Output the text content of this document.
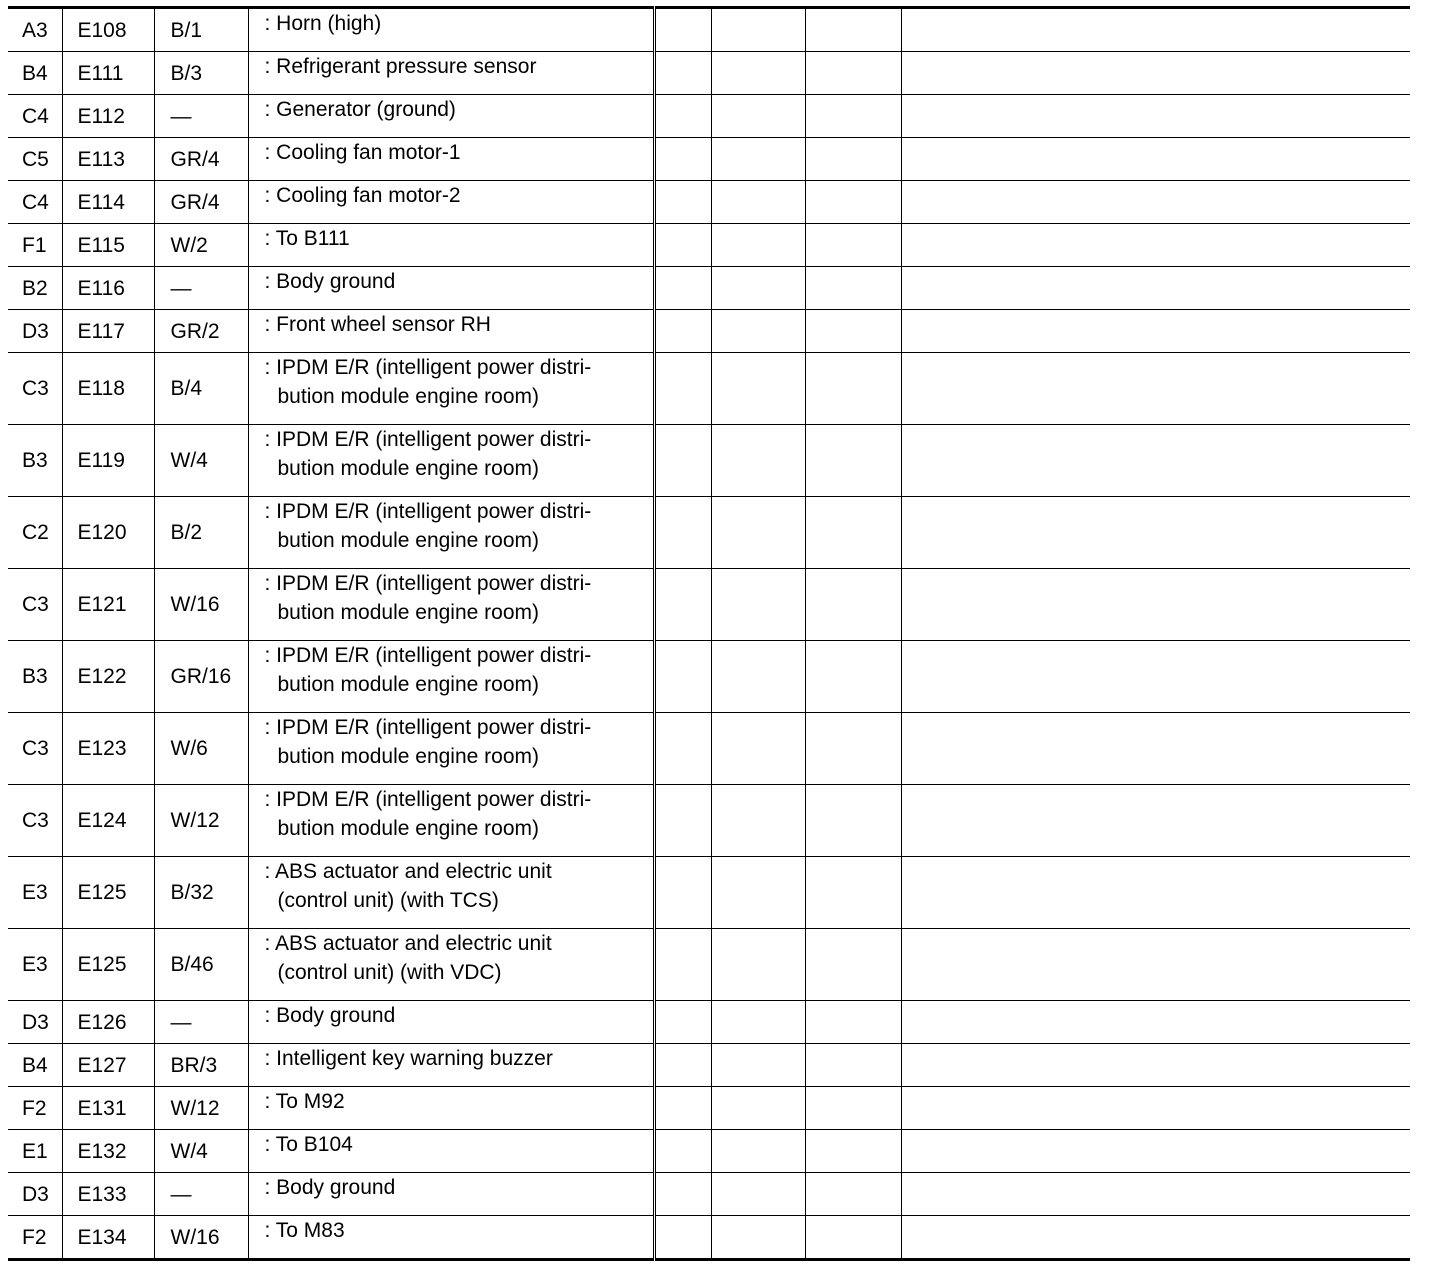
A3	E108	B/1	: Horn (high)				

B4	E111	B/3	: Refrigerant pressure sensor				

C4	E112	—	: Generator (ground)				

C5	E113	GR/4	: Cooling fan motor-1				

C4	E114	GR/4	: Cooling fan motor-2				

F1	E115	W/2	: To B111				

B2	E116	—	: Body ground				

D3	E117	GR/2	: Front wheel sensor RH				

C3	E118	B/4	: IPDM E/R (intelligent power distri-
bution module engine room)				

B3	E119	W/4	: IPDM E/R (intelligent power distri-
bution module engine room)				

C2	E120	B/2	: IPDM E/R (intelligent power distri-
bution module engine room)				

C3	E121	W/16	: IPDM E/R (intelligent power distri-
bution module engine room)				

B3	E122	GR/16	: IPDM E/R (intelligent power distri-
bution module engine room)				

C3	E123	W/6	: IPDM E/R (intelligent power distri-
bution module engine room)				

C3	E124	W/12	: IPDM E/R (intelligent power distri-
bution module engine room)				

E3	E125	B/32	: ABS actuator and electric unit
(control unit) (with TCS)				

E3	E125	B/46	: ABS actuator and electric unit
(control unit) (with VDC)				

D3	E126	—	: Body ground				

B4	E127	BR/3	: Intelligent key warning buzzer				

F2	E131	W/12	: To M92				

E1	E132	W/4	: To B104				

D3	E133	—	: Body ground				

F2	E134	W/16	: To M83				
